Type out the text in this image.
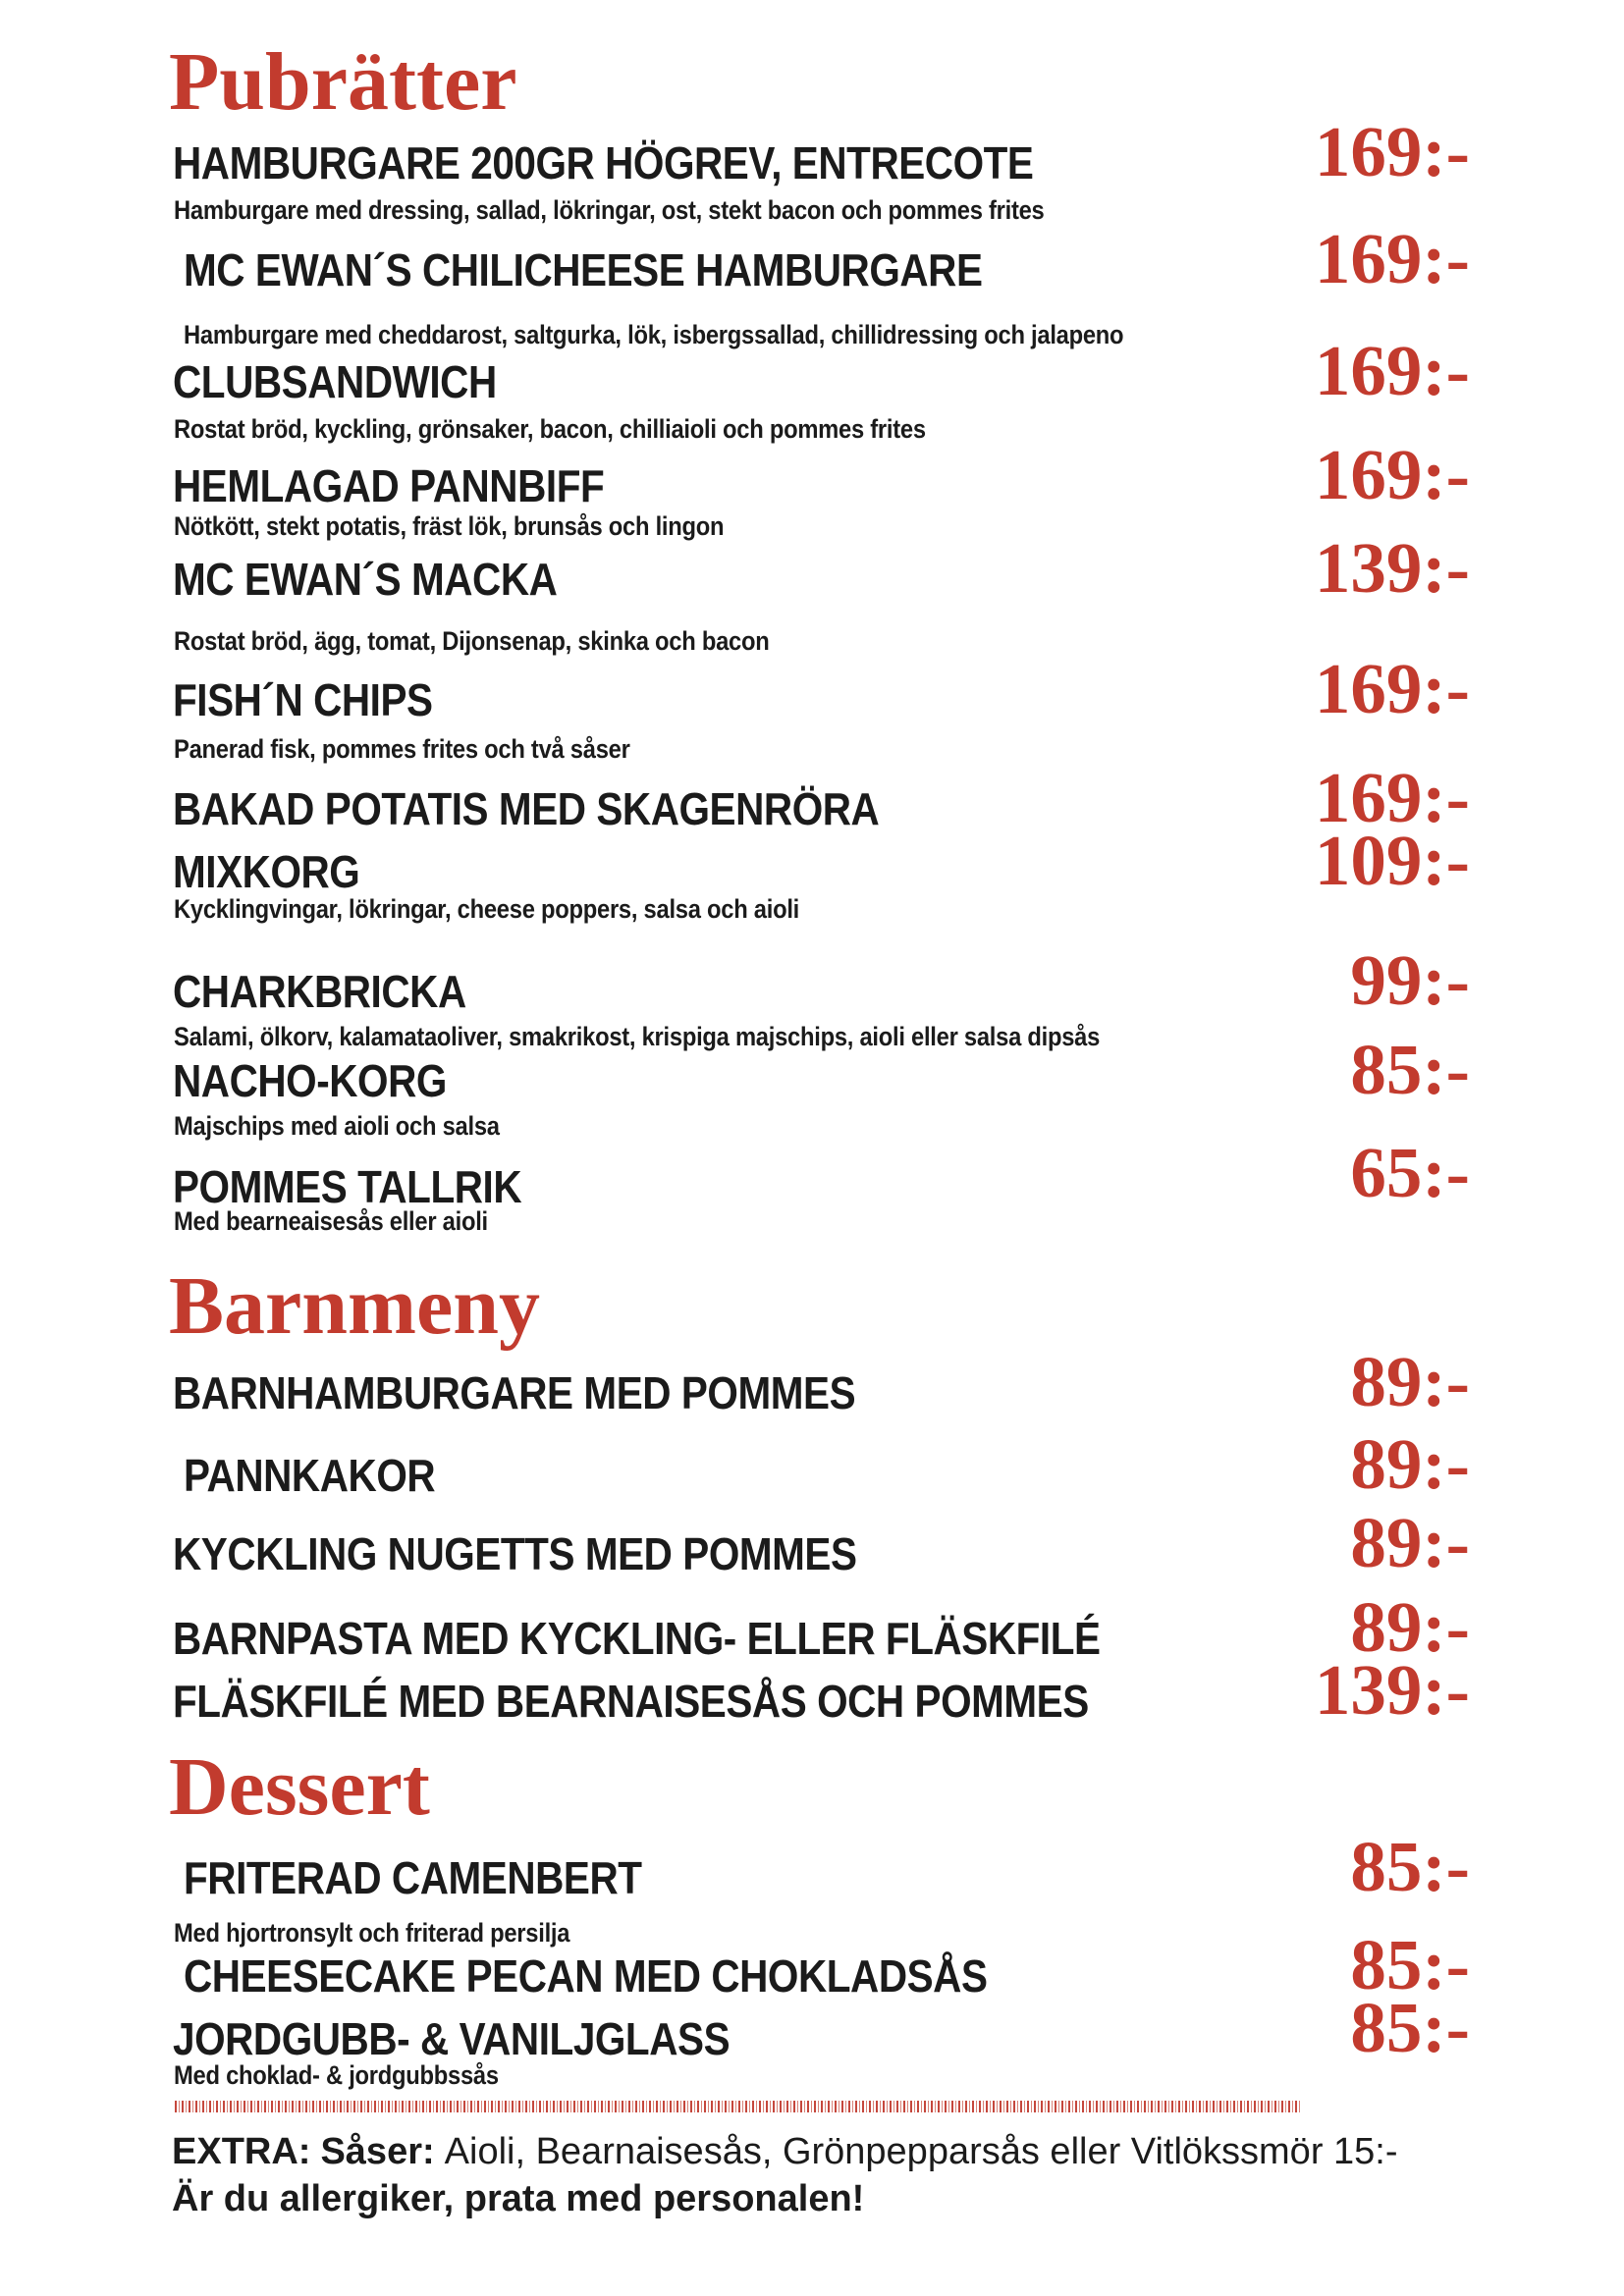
Pubrätter
HAMBURGARE 200GR HÖGREV, ENTRECOTE
Hamburgare med dressing, sallad, lökringar, ost, stekt bacon och pommes frites
169:-
MC EWAN´S CHILICHEESE HAMBURGARE
Hamburgare med cheddarost, saltgurka, lök, isbergssallad, chillidressing och jalapeno
169:-
CLUBSANDWICH
Rostat bröd, kyckling, grönsaker, bacon, chilliaioli och pommes frites
169:-
HEMLAGAD PANNBIFF
Nötkött, stekt potatis, fräst lök, brunsås och lingon
169:-
MC EWAN´S MACKA
Rostat bröd, ägg, tomat, Dijonsenap, skinka och bacon
139:-
FISH´N CHIPS
Panerad fisk, pommes frites och två såser
169:-
BAKAD POTATIS MED SKAGENRÖRA	169:-
MIXKORG
Kycklingvingar, lökringar, cheese poppers, salsa och aioli
109:-
CHARKBRICKA
Salami, ölkorv, kalamataoliver, smakrikost, krispiga majschips, aioli eller salsa dipsås
99:-
NACHO-KORG
Majschips med aioli och salsa
85:-
POMMES TALLRIK
Med bearneaisesås eller aioli
65:-
Barnmeny
BARNHAMBURGARE MED POMMES	89:-
PANNKAKOR	89:-
KYCKLING NUGETTS MED POMMES	89:-
BARNPASTA MED KYCKLING- ELLER FLÄSKFILÉ	89:-
FLÄSKFILÉ MED BEARNAISESÅS OCH POMMES	139:-
Dessert
FRITERAD CAMENBERT
Med hjortronsylt och friterad persilja
85:-
CHEESECAKE PECAN MED CHOKLADSÅS	85:-
JORDGUBB- & VANILJGLASS
Med choklad- & jordgubbssås
85:-
EXTRA: Såser: Aioli, Bearnaisesås, Grönpepparsås eller Vitlökssmör 15:-
Är du allergiker, prata med personalen!
